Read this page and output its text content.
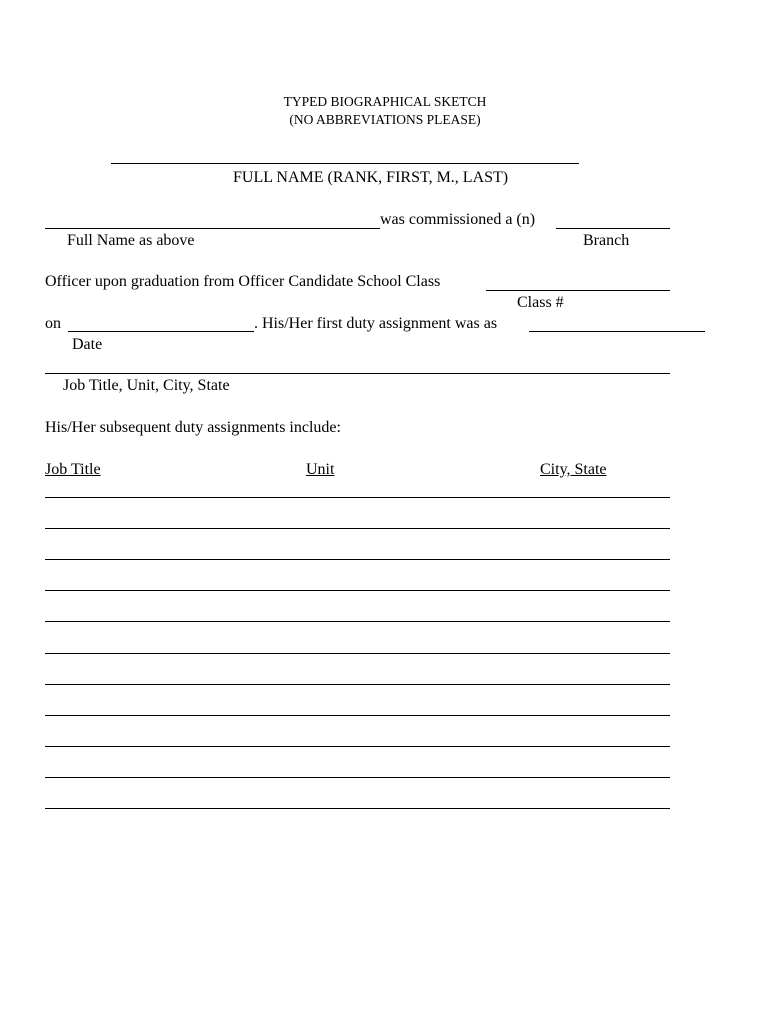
TYPED BIOGRAPHICAL SKETCH
(NO ABBREVIATIONS PLEASE)
FULL NAME (RANK, FIRST, M., LAST)
was commissioned a (n)
Full Name as above	Branch
Officer upon graduation from Officer Candidate School Class
Class #
on	. His/Her first duty assignment was as
Date
Job Title, Unit, City, State
His/Her subsequent duty assignments include:
Job Title	Unit	City, State
